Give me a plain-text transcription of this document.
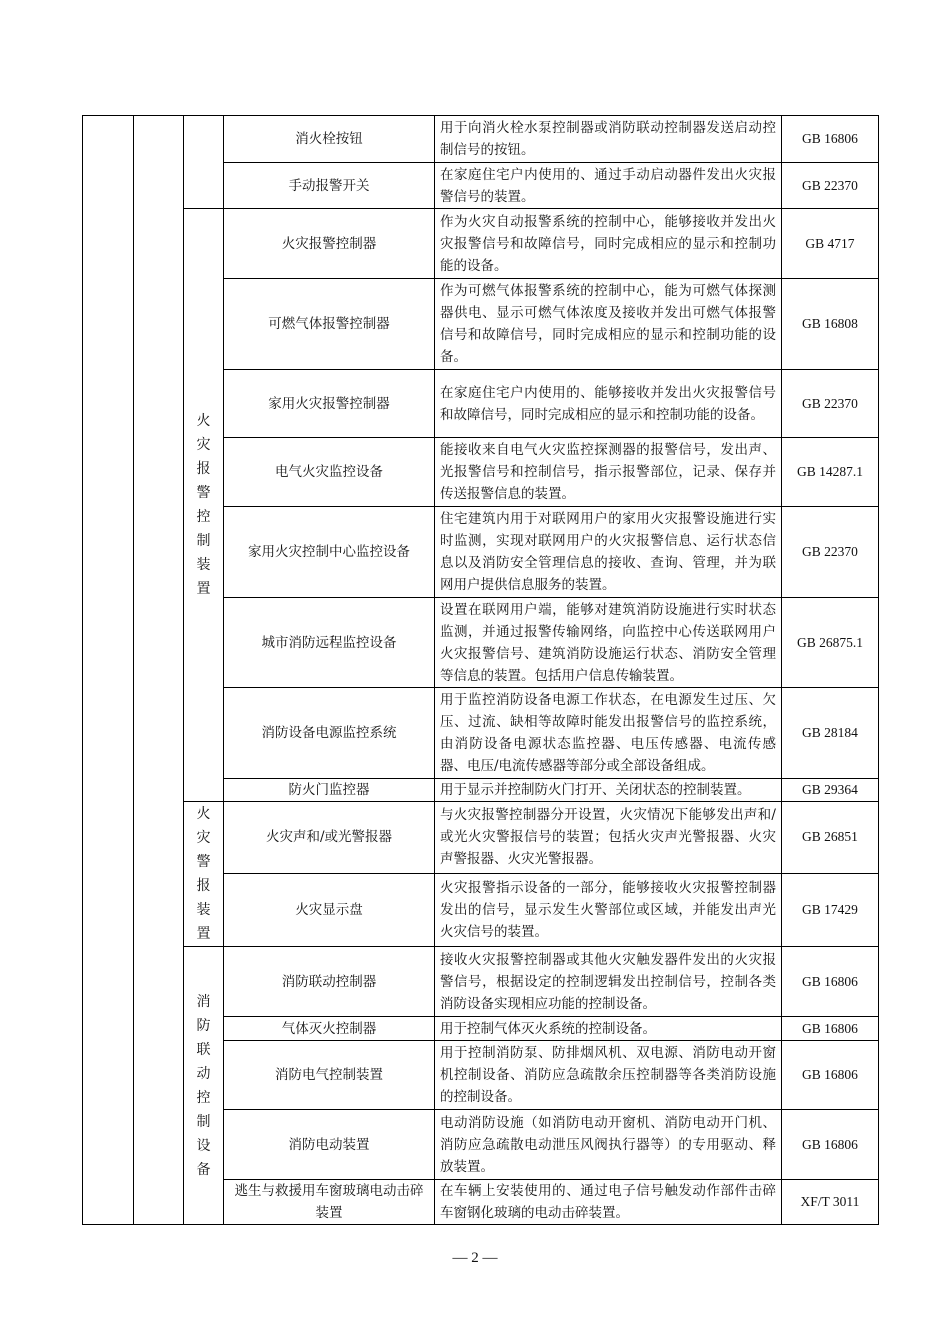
			消火栓按钮	用于向消火栓水泵控制器或消防联动控制器发送启动控制信号的按钮。	GB 16806
			手动报警开关	在家庭住宅户内使用的、通过手动启动器件发出火灾报警信号的装置。	GB 22370
		火灾报警控制装置	火灾报警控制器	作为火灾自动报警系统的控制中心，能够接收并发出火灾报警信号和故障信号，同时完成相应的显示和控制功能的设备。	GB 4717
			可燃气体报警控制器	作为可燃气体报警系统的控制中心，能为可燃气体探测器供电、显示可燃气体浓度及接收并发出可燃气体报警信号和故障信号，同时完成相应的显示和控制功能的设备。	GB 16808
			家用火灾报警控制器	在家庭住宅户内使用的、能够接收并发出火灾报警信号和故障信号，同时完成相应的显示和控制功能的设备。	GB 22370
			电气火灾监控设备	能接收来自电气火灾监控探测器的报警信号，发出声、光报警信号和控制信号，指示报警部位，记录、保存并传送报警信息的装置。	GB 14287.1
			家用火灾控制中心监控设备	住宅建筑内用于对联网用户的家用火灾报警设施进行实时监测，实现对联网用户的火灾报警信息、运行状态信息以及消防安全管理信息的接收、查询、管理，并为联网用户提供信息服务的装置。	GB 22370
			城市消防远程监控设备	设置在联网用户端，能够对建筑消防设施进行实时状态监测，并通过报警传输网络，向监控中心传送联网用户火灾报警信号、建筑消防设施运行状态、消防安全管理等信息的装置。包括用户信息传输装置。	GB 26875.1
			消防设备电源监控系统	用于监控消防设备电源工作状态，在电源发生过压、欠压、过流、缺相等故障时能发出报警信号的监控系统，由消防设备电源状态监控器、电压传感器、电流传感器、电压/电流传感器等部分或全部设备组成。	GB 28184
			防火门监控器	用于显示并控制防火门打开、关闭状态的控制装置。	GB 29364
		火灾警报装置	火灾声和/或光警报器	与火灾报警控制器分开设置，火灾情况下能够发出声和/或光火灾警报信号的装置；包括火灾声光警报器、火灾声警报器、火灾光警报器。	GB 26851
			火灾显示盘	火灾报警指示设备的一部分，能够接收火灾报警控制器发出的信号，显示发生火警部位或区域，并能发出声光火灾信号的装置。	GB 17429
		消防联动控制设备	消防联动控制器	接收火灾报警控制器或其他火灾触发器件发出的火灾报警信号，根据设定的控制逻辑发出控制信号，控制各类消防设备实现相应功能的控制设备。	GB 16806
			气体灭火控制器	用于控制气体灭火系统的控制设备。	GB 16806
			消防电气控制装置	用于控制消防泵、防排烟风机、双电源、消防电动开窗机控制设备、消防应急疏散余压控制器等各类消防设施的控制设备。	GB 16806
			消防电动装置	电动消防设施（如消防电动开窗机、消防电动开门机、消防应急疏散电动泄压风阀执行器等）的专用驱动、释放装置。	GB 16806
			逃生与救援用车窗玻璃电动击碎装置	在车辆上安装使用的、通过电子信号触发动作部件击碎车窗钢化玻璃的电动击碎装置。	XF/T 3011
— 2 —
